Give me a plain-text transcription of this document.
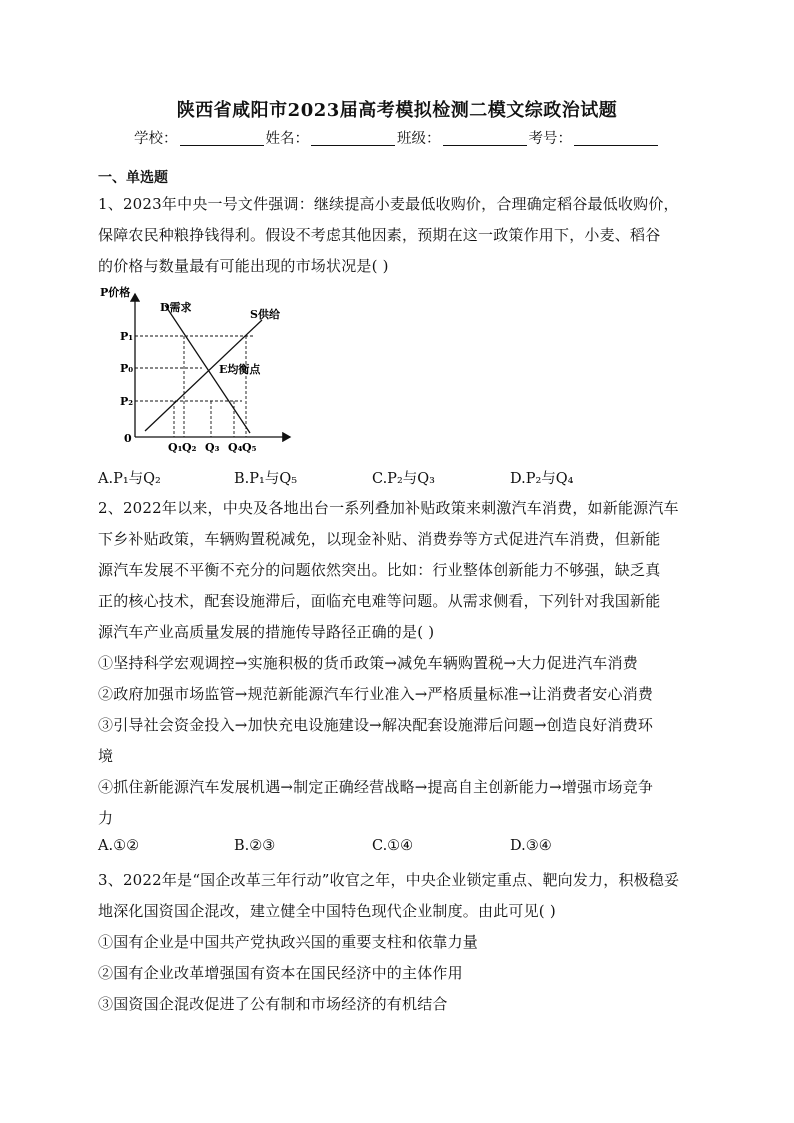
陕西省咸阳市2023届高考模拟检测二模文综政治试题
学校：	姓名：	班级：	考号：
一、单选题
1、2023年中央一号文件强调：继续提高小麦最低收购价，合理确定稻谷最低收购价，
保障农民种粮挣钱得利。假设不考虑其他因素，预期在这一政策作用下，小麦、稻谷
的价格与数量最有可能出现的市场状况是( )
P价格
D需求
S供给
E均衡点
P₁
P₀
P₂
0
Q₁ Q₂ Q₃ Q₄ Q₅
A.P₁与Q₂	B.P₁与Q₅	C.P₂与Q₃	D.P₂与Q₄
2、2022年以来，中央及各地出台一系列叠加补贴政策来刺激汽车消费，如新能源汽车
下乡补贴政策，车辆购置税减免，以现金补贴、消费券等方式促进汽车消费，但新能
源汽车发展不平衡不充分的问题依然突出。比如：行业整体创新能力不够强，缺乏真
正的核心技术，配套设施滞后，面临充电难等问题。从需求侧看，下列针对我国新能
源汽车产业高质量发展的措施传导路径正确的是( )
①坚持科学宏观调控→实施积极的货币政策→减免车辆购置税→大力促进汽车消费
②政府加强市场监管→规范新能源汽车行业准入→严格质量标准→让消费者安心消费
③引导社会资金投入→加快充电设施建设→解决配套设施滞后问题→创造良好消费环
境
④抓住新能源汽车发展机遇→制定正确经营战略→提高自主创新能力→增强市场竞争
力
A.①②	B.②③	C.①④	D.③④
3、2022年是“国企改革三年行动”收官之年，中央企业锁定重点、靶向发力，积极稳妥
地深化国资国企混改，建立健全中国特色现代企业制度。由此可见( )
①国有企业是中国共产党执政兴国的重要支柱和依靠力量
②国有企业改革增强国有资本在国民经济中的主体作用
③国资国企混改促进了公有制和市场经济的有机结合
